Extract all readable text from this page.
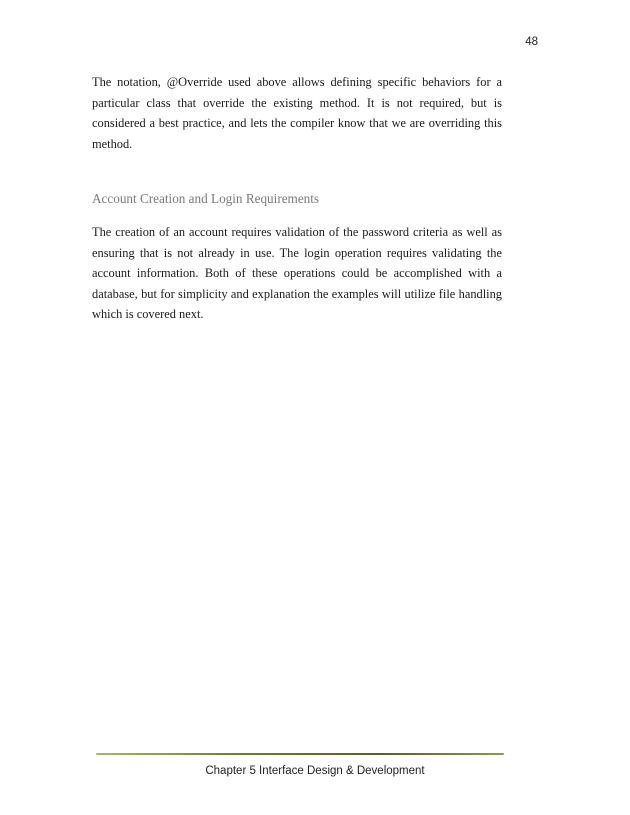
48

The notation, @Override used above allows defining specific behaviors for a particular class that override the existing method. It is not required, but is considered a best practice, and lets the compiler know that we are overriding this method.

Account Creation and Login Requirements

The creation of an account requires validation of the password criteria as well as ensuring that is not already in use. The login operation requires validating the account information. Both of these operations could be accomplished with a database, but for simplicity and explanation the examples will utilize file handling which is covered next.

Chapter 5 Interface Design & Development
